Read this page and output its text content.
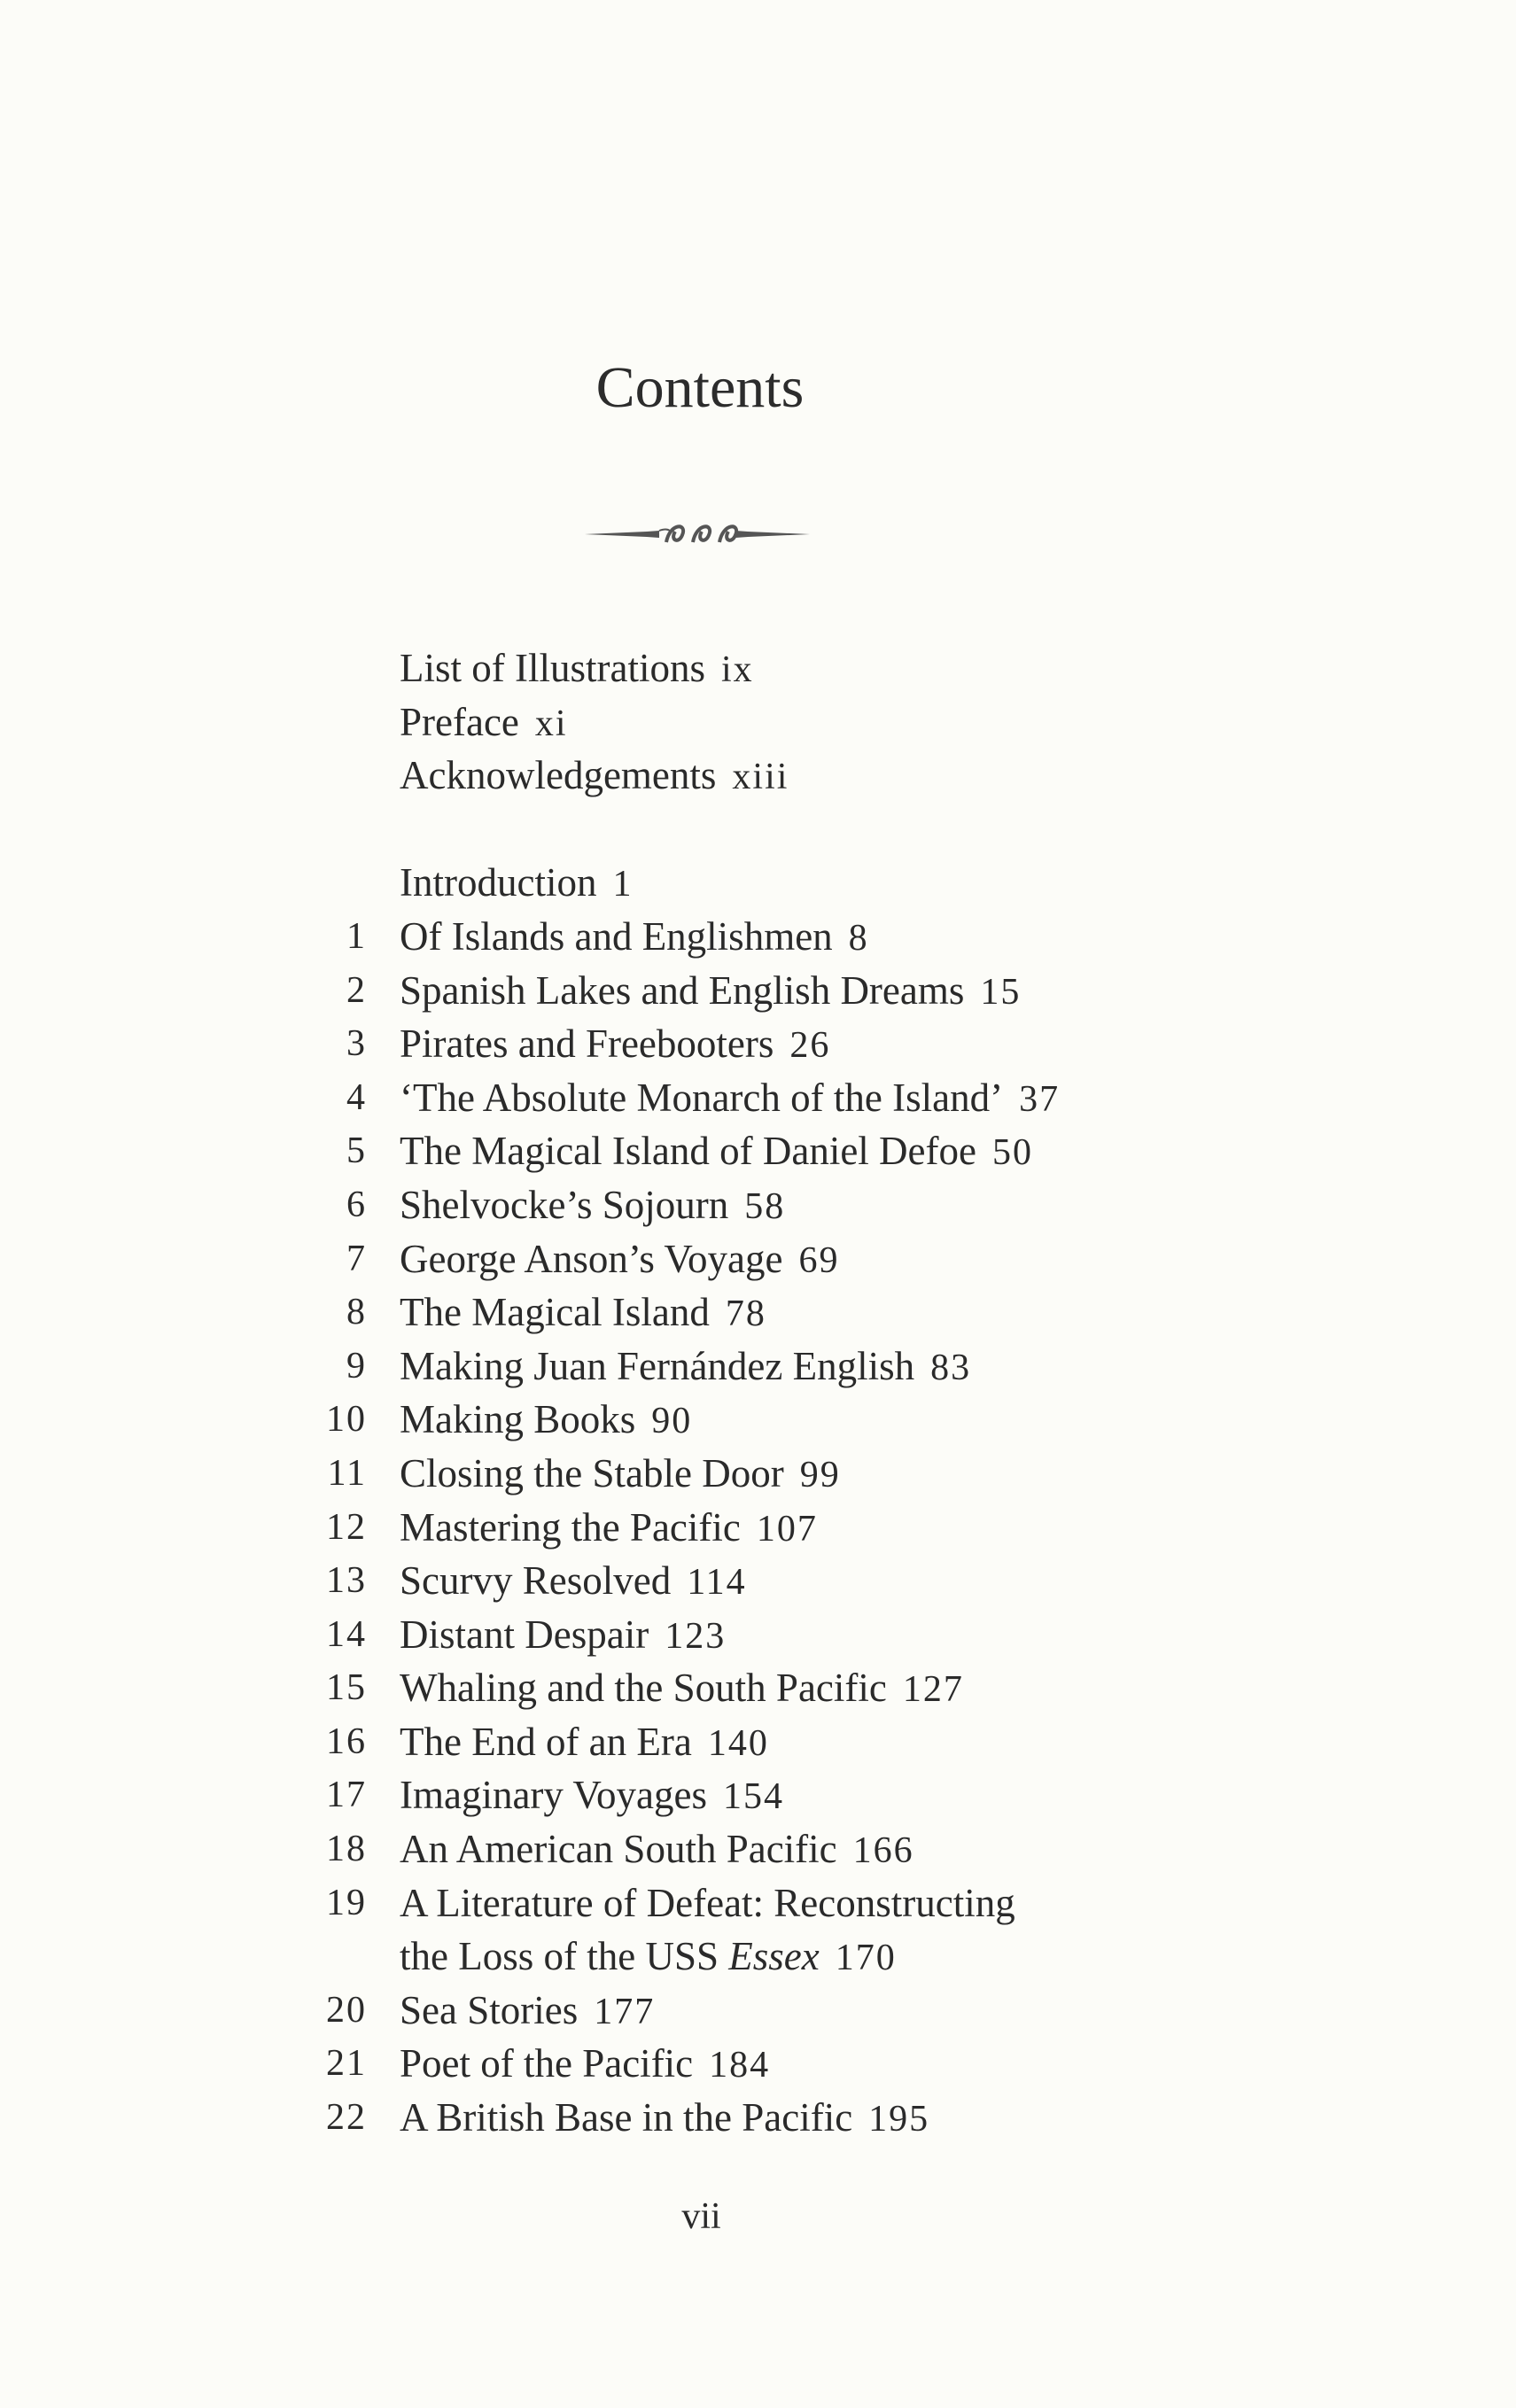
Contents
List of Illustrations ix
Preface xi
Acknowledgements xiii
Introduction 1
1 Of Islands and Englishmen 8
2 Spanish Lakes and English Dreams 15
3 Pirates and Freebooters 26
4 ‘The Absolute Monarch of the Island’ 37
5 The Magical Island of Daniel Defoe 50
6 Shelvocke’s Sojourn 58
7 George Anson’s Voyage 69
8 The Magical Island 78
9 Making Juan Fernández English 83
10 Making Books 90
11 Closing the Stable Door 99
12 Mastering the Pacific 107
13 Scurvy Resolved 114
14 Distant Despair 123
15 Whaling and the South Pacific 127
16 The End of an Era 140
17 Imaginary Voyages 154
18 An American South Pacific 166
19 A Literature of Defeat: Reconstructing
the Loss of the USS Essex 170
20 Sea Stories 177
21 Poet of the Pacific 184
22 A British Base in the Pacific 195
vii
